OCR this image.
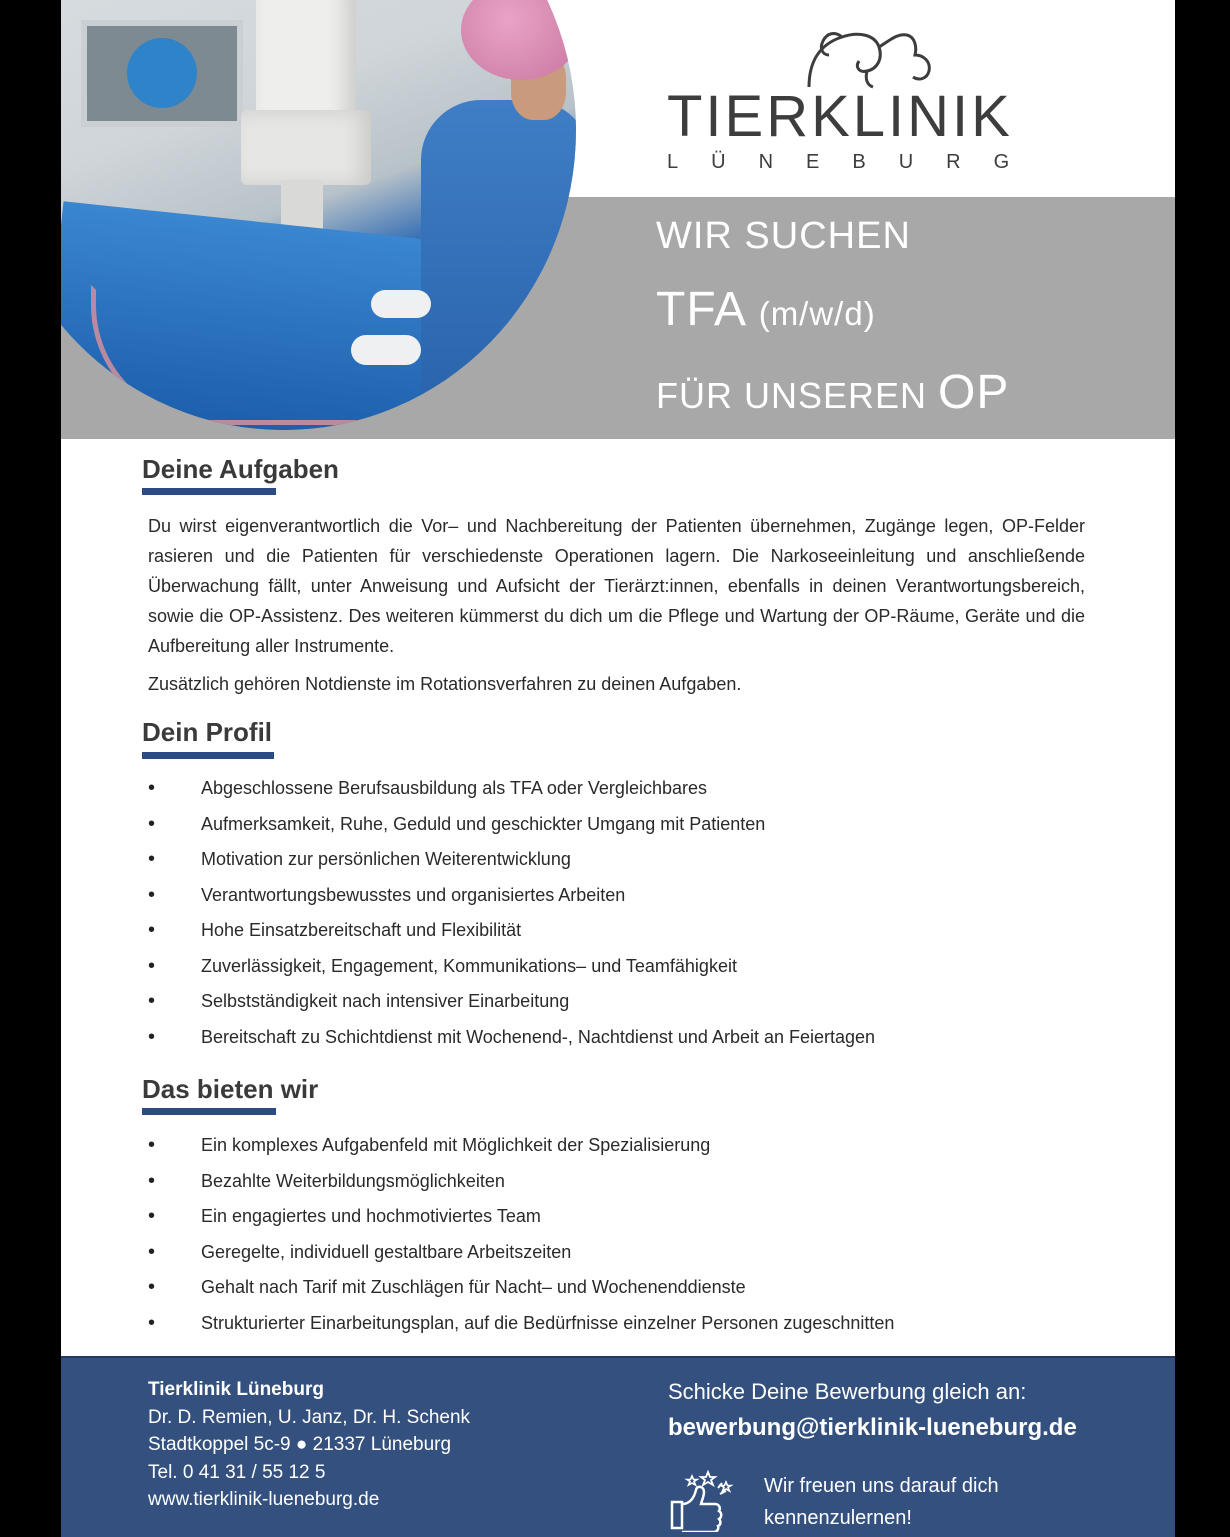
TIERKLINIK
LÜNEBURG
WIR SUCHEN
TFA (m/w/d)
FÜR UNSEREN OP
Deine Aufgaben
Du wirst eigenverantwortlich die Vor– und Nachbereitung der Patienten übernehmen, Zugänge legen, OP-Felder rasieren und die Patienten für verschiedenste Operationen lagern. Die Narkoseeinleitung und anschließende Überwachung fällt, unter Anweisung und Aufsicht der Tierärzt:innen, ebenfalls in deinen Verantwortungsbereich, sowie die OP-Assistenz. Des weiteren kümmerst du dich um die Pflege und Wartung der OP-Räume, Geräte und die Aufbereitung aller Instrumente.
Zusätzlich gehören Notdienste im Rotationsverfahren zu deinen Aufgaben.
Dein Profil
• Abgeschlossene Berufsausbildung als TFA oder Vergleichbares
• Aufmerksamkeit, Ruhe, Geduld und geschickter Umgang mit Patienten
• Motivation zur persönlichen Weiterentwicklung
• Verantwortungsbewusstes und organisiertes Arbeiten
• Hohe Einsatzbereitschaft und Flexibilität
• Zuverlässigkeit, Engagement, Kommunikations– und Teamfähigkeit
• Selbstständigkeit nach intensiver Einarbeitung
• Bereitschaft zu Schichtdienst mit Wochenend-, Nachtdienst und Arbeit an Feiertagen
Das bieten wir
• Ein komplexes Aufgabenfeld mit Möglichkeit der Spezialisierung
• Bezahlte Weiterbildungsmöglichkeiten
• Ein engagiertes und hochmotiviertes Team
• Geregelte, individuell gestaltbare Arbeitszeiten
• Gehalt nach Tarif mit Zuschlägen für Nacht– und Wochenenddienste
• Strukturierter Einarbeitungsplan, auf die Bedürfnisse einzelner Personen zugeschnitten
Tierklinik Lüneburg
Dr. D. Remien, U. Janz, Dr. H. Schenk
Stadtkoppel 5c-9 ● 21337 Lüneburg
Tel. 0 41 31 / 55 12 5
www.tierklinik-lueneburg.de
Schicke Deine Bewerbung gleich an:
bewerbung@tierklinik-lueneburg.de
Wir freuen uns darauf dich
kennenzulernen!
